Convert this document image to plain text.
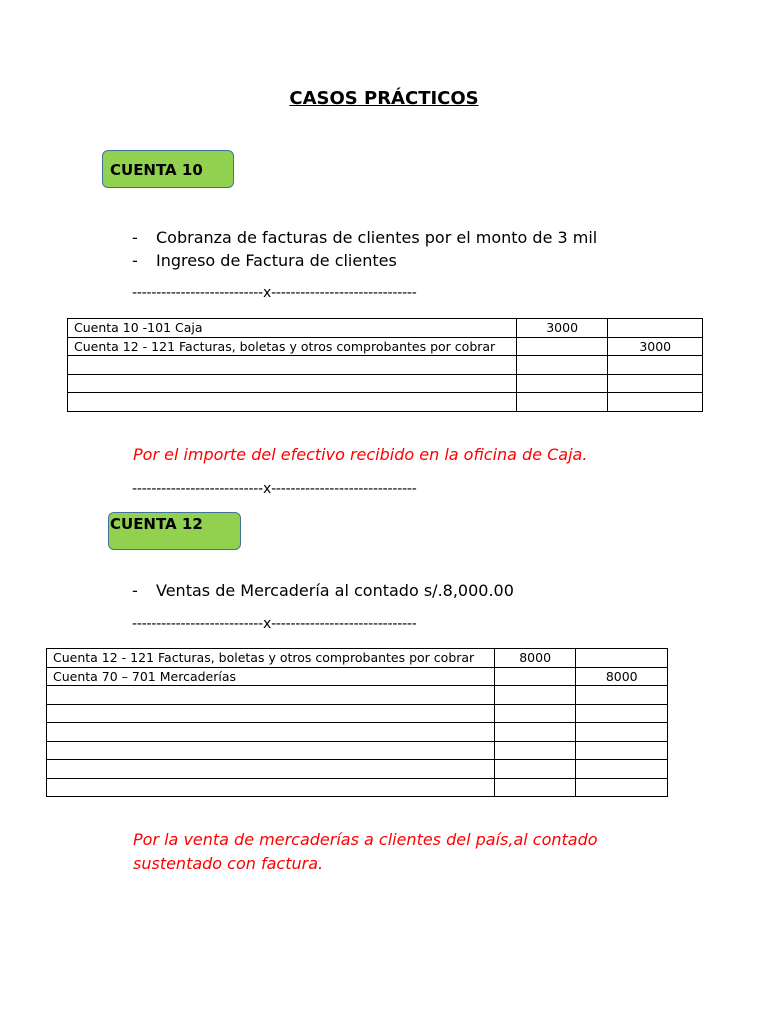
CASOS PRÁCTICOS
CUENTA 10
- Cobranza de facturas de clientes por el monto de 3 mil
- Ingreso de Factura de clientes
---------------------------x------------------------------
Cuenta 10 -101 Caja	3000	
Cuenta 12 - 121 Facturas, boletas y otros comprobantes por cobrar		3000

Por el importe del efectivo recibido en la oficina de Caja.
---------------------------x------------------------------
CUENTA 12
- Ventas de Mercadería al contado s/.8,000.00
---------------------------x------------------------------
Cuenta 12 - 121 Facturas, boletas y otros comprobantes por cobrar	8000	
Cuenta 70 – 701 Mercaderías		8000

Por la venta de mercaderías a clientes del país,al contado
sustentado con factura.
